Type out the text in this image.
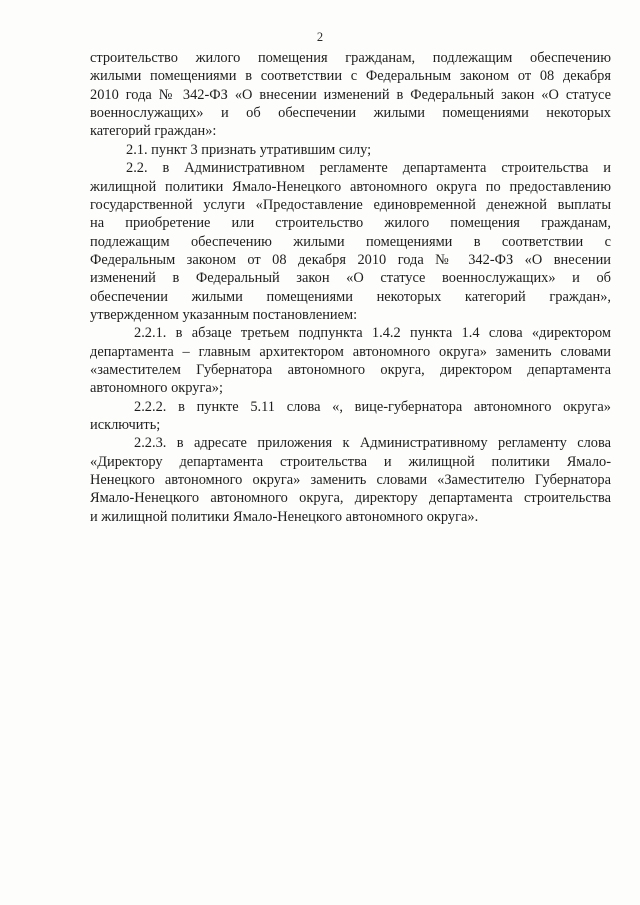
2
строительство жилого помещения гражданам, подлежащим обеспечению
жилыми помещениями в соответствии с Федеральным законом от 08 декабря
2010 года № 342-ФЗ «О внесении изменений в Федеральный закон «О статусе
военнослужащих» и об обеспечении жилыми помещениями некоторых
категорий граждан»:
2.1. пункт 3 признать утратившим силу;
2.2. в Административном регламенте департамента строительства и
жилищной политики Ямало-Ненецкого автономного округа по предоставлению
государственной услуги «Предоставление единовременной денежной выплаты
на приобретение или строительство жилого помещения гражданам,
подлежащим обеспечению жилыми помещениями в соответствии с
Федеральным законом от 08 декабря 2010 года № 342-ФЗ «О внесении
изменений в Федеральный закон «О статусе военнослужащих» и об
обеспечении жилыми помещениями некоторых категорий граждан»,
утвержденном указанным постановлением:
2.2.1. в абзаце третьем подпункта 1.4.2 пункта 1.4 слова «директором
департамента – главным архитектором автономного округа» заменить словами
«заместителем Губернатора автономного округа, директором департамента
автономного округа»;
2.2.2. в пункте 5.11 слова «, вице-губернатора автономного округа»
исключить;
2.2.3. в адресате приложения к Административному регламенту слова
«Директору департамента строительства и жилищной политики Ямало-
Ненецкого автономного округа» заменить словами «Заместителю Губернатора
Ямало-Ненецкого автономного округа, директору департамента строительства
и жилищной политики Ямало-Ненецкого автономного округа».
